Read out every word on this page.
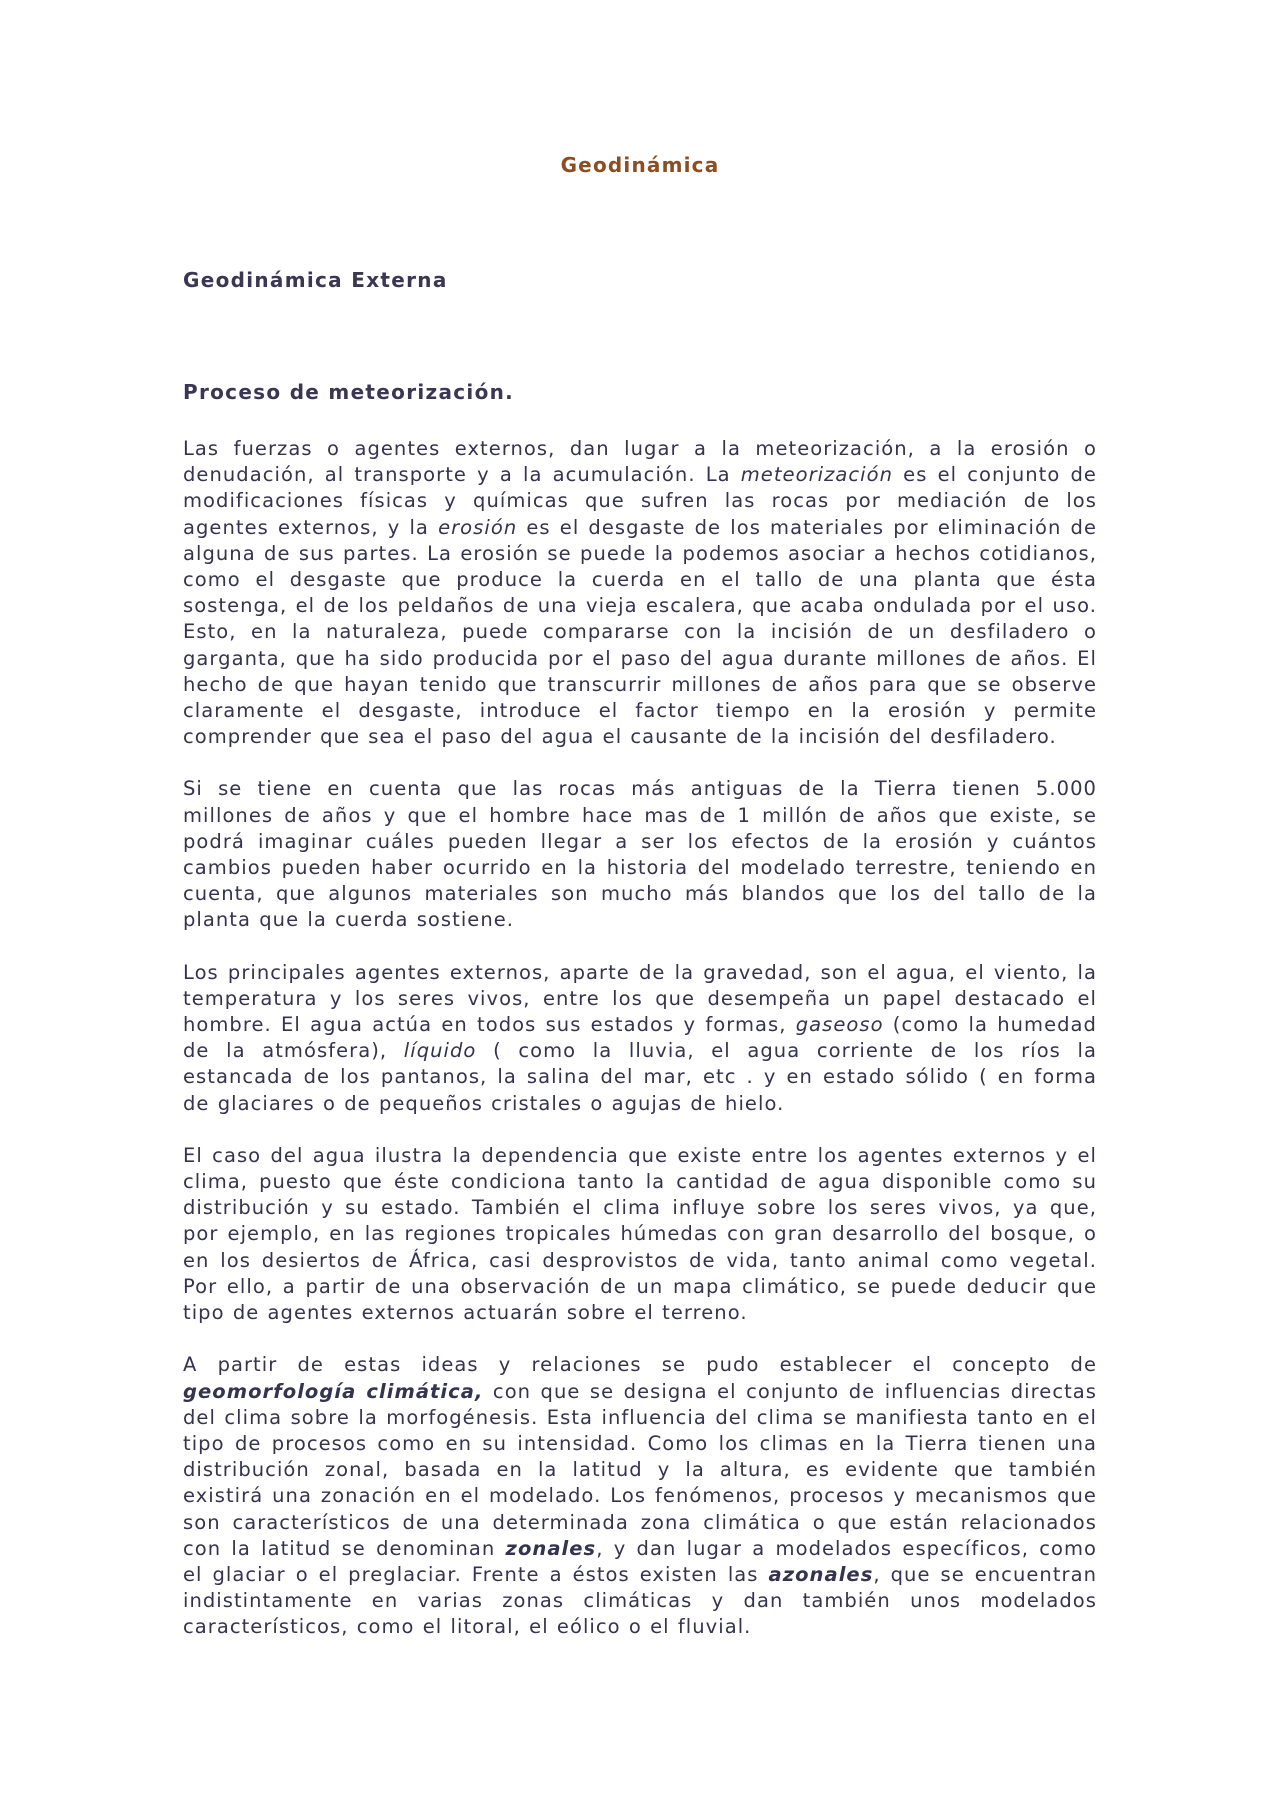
Geodinámica
Geodinámica Externa
Proceso de meteorización.

Las fuerzas o agentes externos, dan lugar a la meteorización, a la erosión o denudación, al transporte y a la acumulación. La meteorización es el conjunto de modificaciones físicas y químicas que sufren las rocas por mediación de los agentes externos, y la erosión es el desgaste de los materiales por eliminación de alguna de sus partes. La erosión se puede la podemos asociar a hechos cotidianos, como el desgaste que produce la cuerda en el tallo de una planta que ésta sostenga, el de los peldaños de una vieja escalera, que acaba ondulada por el uso. Esto, en la naturaleza, puede compararse con la incisión de un desfiladero o garganta, que ha sido producida por el paso del agua durante millones de años. El hecho de que hayan tenido que transcurrir millones de años para que se observe claramente el desgaste, introduce el factor tiempo en la erosión y permite comprender que sea el paso del agua el causante de la incisión del desfiladero.

Si se tiene en cuenta que las rocas más antiguas de la Tierra tienen 5.000 millones de años y que el hombre hace mas de 1 millón de años que existe, se podrá imaginar cuáles pueden llegar a ser los efectos de la erosión y cuántos cambios pueden haber ocurrido en la historia del modelado terrestre, teniendo en cuenta, que algunos materiales son mucho más blandos que los del tallo de la planta que la cuerda sostiene.

Los principales agentes externos, aparte de la gravedad, son el agua, el viento, la temperatura y los seres vivos, entre los que desempeña un papel destacado el hombre. El agua actúa en todos sus estados y formas, gaseoso (como la humedad de la atmósfera), líquido ( como la lluvia, el agua corriente de los ríos la estancada de los pantanos, la salina del mar, etc . y en estado sólido ( en forma de glaciares o de pequeños cristales o agujas de hielo.

El caso del agua ilustra la dependencia que existe entre los agentes externos y el clima, puesto que éste condiciona tanto la cantidad de agua disponible como su distribución y su estado. También el clima influye sobre los seres vivos, ya que, por ejemplo, en las regiones tropicales húmedas con gran desarrollo del bosque, o en los desiertos de África, casi desprovistos de vida, tanto animal como vegetal. Por ello, a partir de una observación de un mapa climático, se puede deducir que tipo de agentes externos actuarán sobre el terreno.

A partir de estas ideas y relaciones se pudo establecer el concepto de geomorfología climática, con que se designa el conjunto de influencias directas del clima sobre la morfogénesis. Esta influencia del clima se manifiesta tanto en el tipo de procesos como en su intensidad. Como los climas en la Tierra tienen una distribución zonal, basada en la latitud y la altura, es evidente que también existirá una zonación en el modelado. Los fenómenos, procesos y mecanismos que son característicos de una determinada zona climática o que están relacionados con la latitud se denominan zonales, y dan lugar a modelados específicos, como el glaciar o el preglaciar. Frente a éstos existen las azonales, que se encuentran indistintamente en varias zonas climáticas y dan también unos modelados característicos, como el litoral, el eólico o el fluvial.
